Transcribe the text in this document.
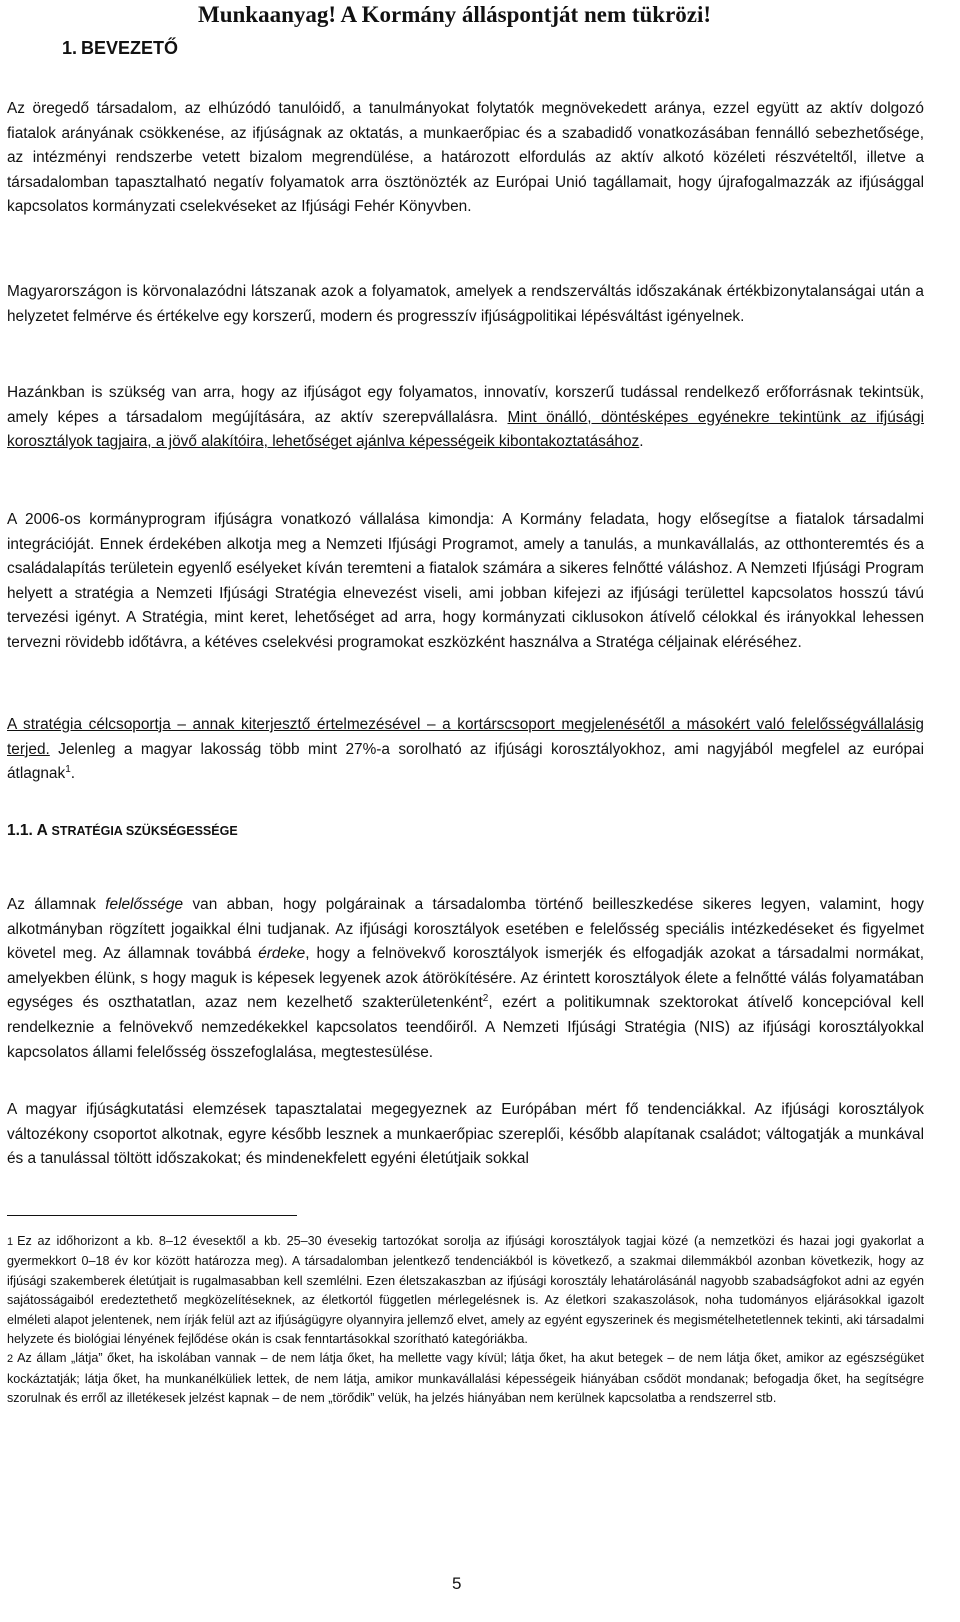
Munkaanyag! A Kormány álláspontját nem tükrözi!
1. BEVEZETŐ
Az öregedő társadalom, az elhúzódó tanulóidő, a tanulmányokat folytatók megnövekedett aránya, ezzel együtt az aktív dolgozó fiatalok arányának csökkenése, az ifjúságnak az oktatás, a munkaerőpiac és a szabadidő vonatkozásában fennálló sebezhetősége, az intézményi rendszerbe vetett bizalom megrendülése, a határozott elfordulás az aktív alkotó közéleti részvételtől, illetve a társadalomban tapasztalható negatív folyamatok arra ösztönözték az Európai Unió tagállamait, hogy újrafogalmazzák az ifjúsággal kapcsolatos kormányzati cselekvéseket az Ifjúsági Fehér Könyvben.
Magyarországon is körvonalazódni látszanak azok a folyamatok, amelyek a rendszerváltás időszakának értékbizonytalanságai után a helyzetet felmérve és értékelve egy korszerű, modern és progresszív ifjúságpolitikai lépésváltást igényelnek.
Hazánkban is szükség van arra, hogy az ifjúságot egy folyamatos, innovatív, korszerű tudással rendelkező erőforrásnak tekintsük, amely képes a társadalom megújítására, az aktív szerepvállalásra. Mint önálló, döntésképes egyénekre tekintünk az ifjúsági korosztályok tagjaira, a jövő alakítóira, lehetőséget ajánlva képességeik kibontakoztatásához.
A 2006-os kormányprogram ifjúságra vonatkozó vállalása kimondja: A Kormány feladata, hogy elősegítse a fiatalok társadalmi integrációját. Ennek érdekében alkotja meg a Nemzeti Ifjúsági Programot, amely a tanulás, a munkavállalás, az otthonteremtés és a családalapítás területein egyenlő esélyeket kíván teremteni a fiatalok számára a sikeres felnőtté váláshoz. A Nemzeti Ifjúsági Program helyett a stratégia a Nemzeti Ifjúsági Stratégia elnevezést viseli, ami jobban kifejezi az ifjúsági területtel kapcsolatos hosszú távú tervezési igényt. A Stratégia, mint keret, lehetőséget ad arra, hogy kormányzati ciklusokon átívelő célokkal és irányokkal lehessen tervezni rövidebb időtávra, a kétéves cselekvési programokat eszközként használva a Stratéga céljainak eléréséhez.
A stratégia célcsoportja – annak kiterjesztő értelmezésével – a kortárscsoport megjelenésétől a másokért való felelősségvállalásig terjed. Jelenleg a magyar lakosság több mint 27%-a sorolható az ifjúsági korosztályokhoz, ami nagyjából megfelel az európai átlagnak$^1$.
1.1. A STRATÉGIA SZÜKSÉGESSÉGE
Az államnak felelőssége van abban, hogy polgárainak a társadalomba történő beilleszkedése sikeres legyen, valamint, hogy alkotmányban rögzített jogaikkal élni tudjanak. Az ifjúsági korosztályok esetében e felelősség speciális intézkedéseket és figyelmet követel meg. Az államnak továbbá érdeke, hogy a felnövekvő korosztályok ismerjék és elfogadják azokat a társadalmi normákat, amelyekben élünk, s hogy maguk is képesek legyenek azok átörökítésére. Az érintett korosztályok élete a felnőtté válás folyamatában egységes és oszthatatlan, azaz nem kezelhető szakterületenként$^2$, ezért a politikumnak szektorokat átívelő koncepcióval kell rendelkeznie a felnövekvő nemzedékekkel kapcsolatos teendőiről. A Nemzeti Ifjúsági Stratégia (NIS) az ifjúsági korosztályokkal kapcsolatos állami felelősség összefoglalása, megtestesülése.
A magyar ifjúságkutatási elemzések tapasztalatai megegyeznek az Európában mért fő tendenciákkal. Az ifjúsági korosztályok változékony csoportot alkotnak, egyre később lesznek a munkaerőpiac szereplői, később alapítanak családot; váltogatják a munkával és a tanulással töltött időszakokat; és mindenekfelett egyéni életútjaik sokkal
1 Ez az időhorizont a kb. 8–12 évesektől a kb. 25–30 évesekig tartozókat sorolja az ifjúsági korosztályok tagjai közé (a nemzetközi és hazai jogi gyakorlat a gyermekkort 0–18 év kor között határozza meg). A társadalomban jelentkező tendenciákból is következő, a szakmai dilemmákból azonban következik, hogy az ifjúsági szakemberek életútjait is rugalmasabban kell szemlélni. Ezen életszakaszban az ifjúsági korosztály lehatárolásánál nagyobb szabadságfokot adni az egyén sajátosságaiból eredeztethető megközelítéseknek, az életkortól független mérlegelésnek is. Az életkori szakaszolások, noha tudományos eljárásokkal igazolt elméleti alapot jelentenek, nem írják felül azt az ifjúságügyre olyannyira jellemző elvet, amely az egyént egyszerinek és megismételhetetlennek tekinti, aki társadalmi helyzete és biológiai lényének fejlődése okán is csak fenntartásokkal szorítható kategóriákba.
2 Az állam „látja” őket, ha iskolában vannak – de nem látja őket, ha mellette vagy kívül; látja őket, ha akut betegek – de nem látja őket, amikor az egészségüket kockáztatják; látja őket, ha munkanélküliek lettek, de nem látja, amikor munkavállalási képességeik hiányában csődöt mondanak; befogadja őket, ha segítségre szorulnak és erről az illetékesek jelzést kapnak – de nem „törődik” velük, ha jelzés hiányában nem kerülnek kapcsolatba a rendszerrel stb.
5
